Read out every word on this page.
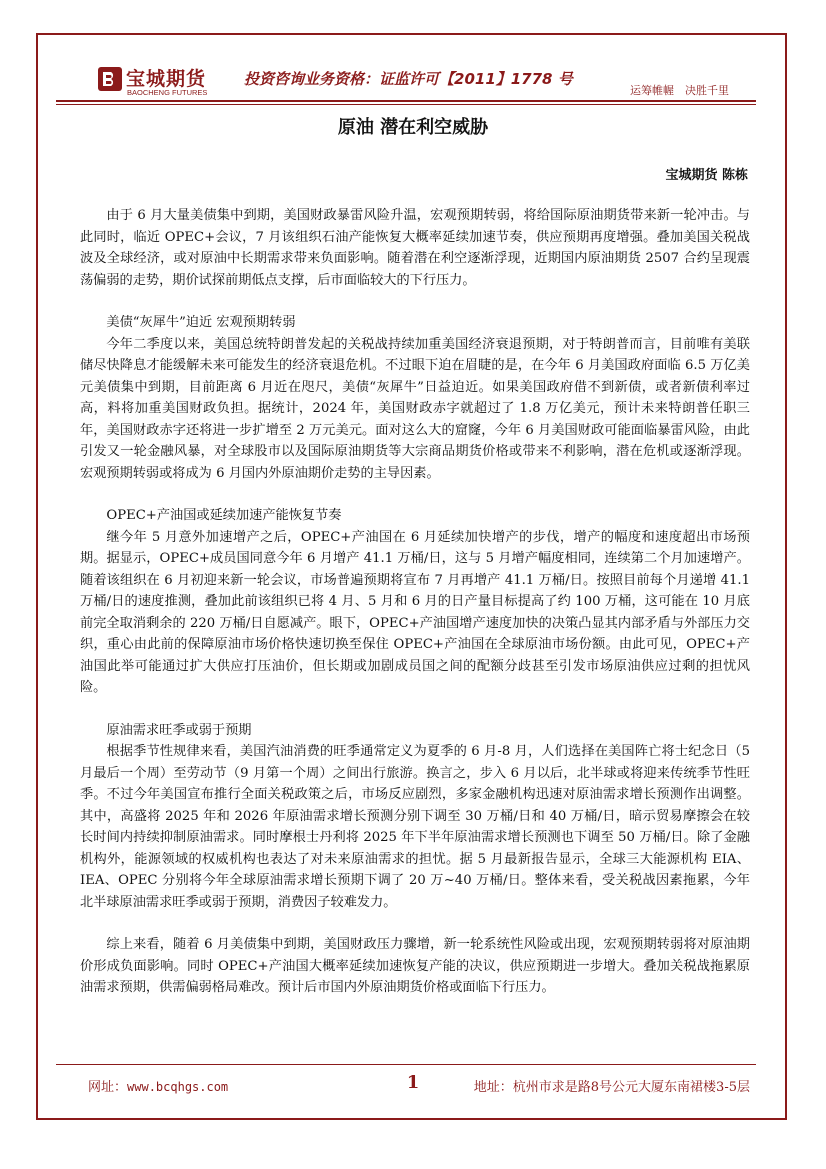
宝城期货
BAOCHENG FUTURES
投资咨询业务资格：证监许可【2011】1778 号
运筹帷幄　决胜千里
原油 潜在利空威胁
宝城期货 陈栋

由于 6 月大量美债集中到期，美国财政暴雷风险升温，宏观预期转弱，将给国际原油期货带来新一轮冲击。与此同时，临近 OPEC+会议，7 月该组织石油产能恢复大概率延续加速节奏，供应预期再度增强。叠加美国关税战波及全球经济，或对原油中长期需求带来负面影响。随着潜在利空逐渐浮现，近期国内原油期货 2507 合约呈现震荡偏弱的走势，期价试探前期低点支撑，后市面临较大的下行压力。

美债“灰犀牛”迫近 宏观预期转弱

今年二季度以来，美国总统特朗普发起的关税战持续加重美国经济衰退预期，对于特朗普而言，目前唯有美联储尽快降息才能缓解未来可能发生的经济衰退危机。不过眼下迫在眉睫的是，在今年 6 月美国政府面临 6.5 万亿美元美债集中到期，目前距离 6 月近在咫尺，美债“灰犀牛”日益迫近。如果美国政府借不到新债，或者新债利率过高，料将加重美国财政负担。据统计，2024 年，美国财政赤字就超过了 1.8 万亿美元，预计未来特朗普任职三年，美国财政赤字还将进一步扩增至 2 万元美元。面对这么大的窟窿，今年 6 月美国财政可能面临暴雷风险，由此引发又一轮金融风暴，对全球股市以及国际原油期货等大宗商品期货价格或带来不利影响，潜在危机或逐渐浮现。宏观预期转弱或将成为 6 月国内外原油期价走势的主导因素。

OPEC+产油国或延续加速产能恢复节奏

继今年 5 月意外加速增产之后，OPEC+产油国在 6 月延续加快增产的步伐，增产的幅度和速度超出市场预期。据显示，OPEC+成员国同意今年 6 月增产 41.1 万桶/日，这与 5 月增产幅度相同，连续第二个月加速增产。随着该组织在 6 月初迎来新一轮会议，市场普遍预期将宣布 7 月再增产 41.1 万桶/日。按照目前每个月递增 41.1 万桶/日的速度推测，叠加此前该组织已将 4 月、5 月和 6 月的日产量目标提高了约 100 万桶，这可能在 10 月底前完全取消剩余的 220 万桶/日自愿减产。眼下，OPEC+产油国增产速度加快的决策凸显其内部矛盾与外部压力交织，重心由此前的保障原油市场价格快速切换至保住 OPEC+产油国在全球原油市场份额。由此可见，OPEC+产油国此举可能通过扩大供应打压油价，但长期或加剧成员国之间的配额分歧甚至引发市场原油供应过剩的担忧风险。

原油需求旺季或弱于预期

根据季节性规律来看，美国汽油消费的旺季通常定义为夏季的 6 月-8 月，人们选择在美国阵亡将士纪念日（5 月最后一个周）至劳动节（9 月第一个周）之间出行旅游。换言之，步入 6 月以后，北半球或将迎来传统季节性旺季。不过今年美国宣布推行全面关税政策之后，市场反应剧烈，多家金融机构迅速对原油需求增长预测作出调整。其中，高盛将 2025 年和 2026 年原油需求增长预测分别下调至 30 万桶/日和 40 万桶/日，暗示贸易摩擦会在较长时间内持续抑制原油需求。同时摩根士丹利将 2025 年下半年原油需求增长预测也下调至 50 万桶/日。除了金融机构外，能源领域的权威机构也表达了对未来原油需求的担忧。据 5 月最新报告显示，全球三大能源机构 EIA、IEA、OPEC 分别将今年全球原油需求增长预期下调了 20 万~40 万桶/日。整体来看，受关税战因素拖累，今年北半球原油需求旺季或弱于预期，消费因子较难发力。

综上来看，随着 6 月美债集中到期，美国财政压力骤增，新一轮系统性风险或出现，宏观预期转弱将对原油期价形成负面影响。同时 OPEC+产油国大概率延续加速恢复产能的决议，供应预期进一步增大。叠加关税战拖累原油需求预期，供需偏弱格局难改。预计后市国内外原油期货价格或面临下行压力。

网址：www.bcqhgs.com	1	地址：杭州市求是路8号公元大厦东南裙楼3-5层
